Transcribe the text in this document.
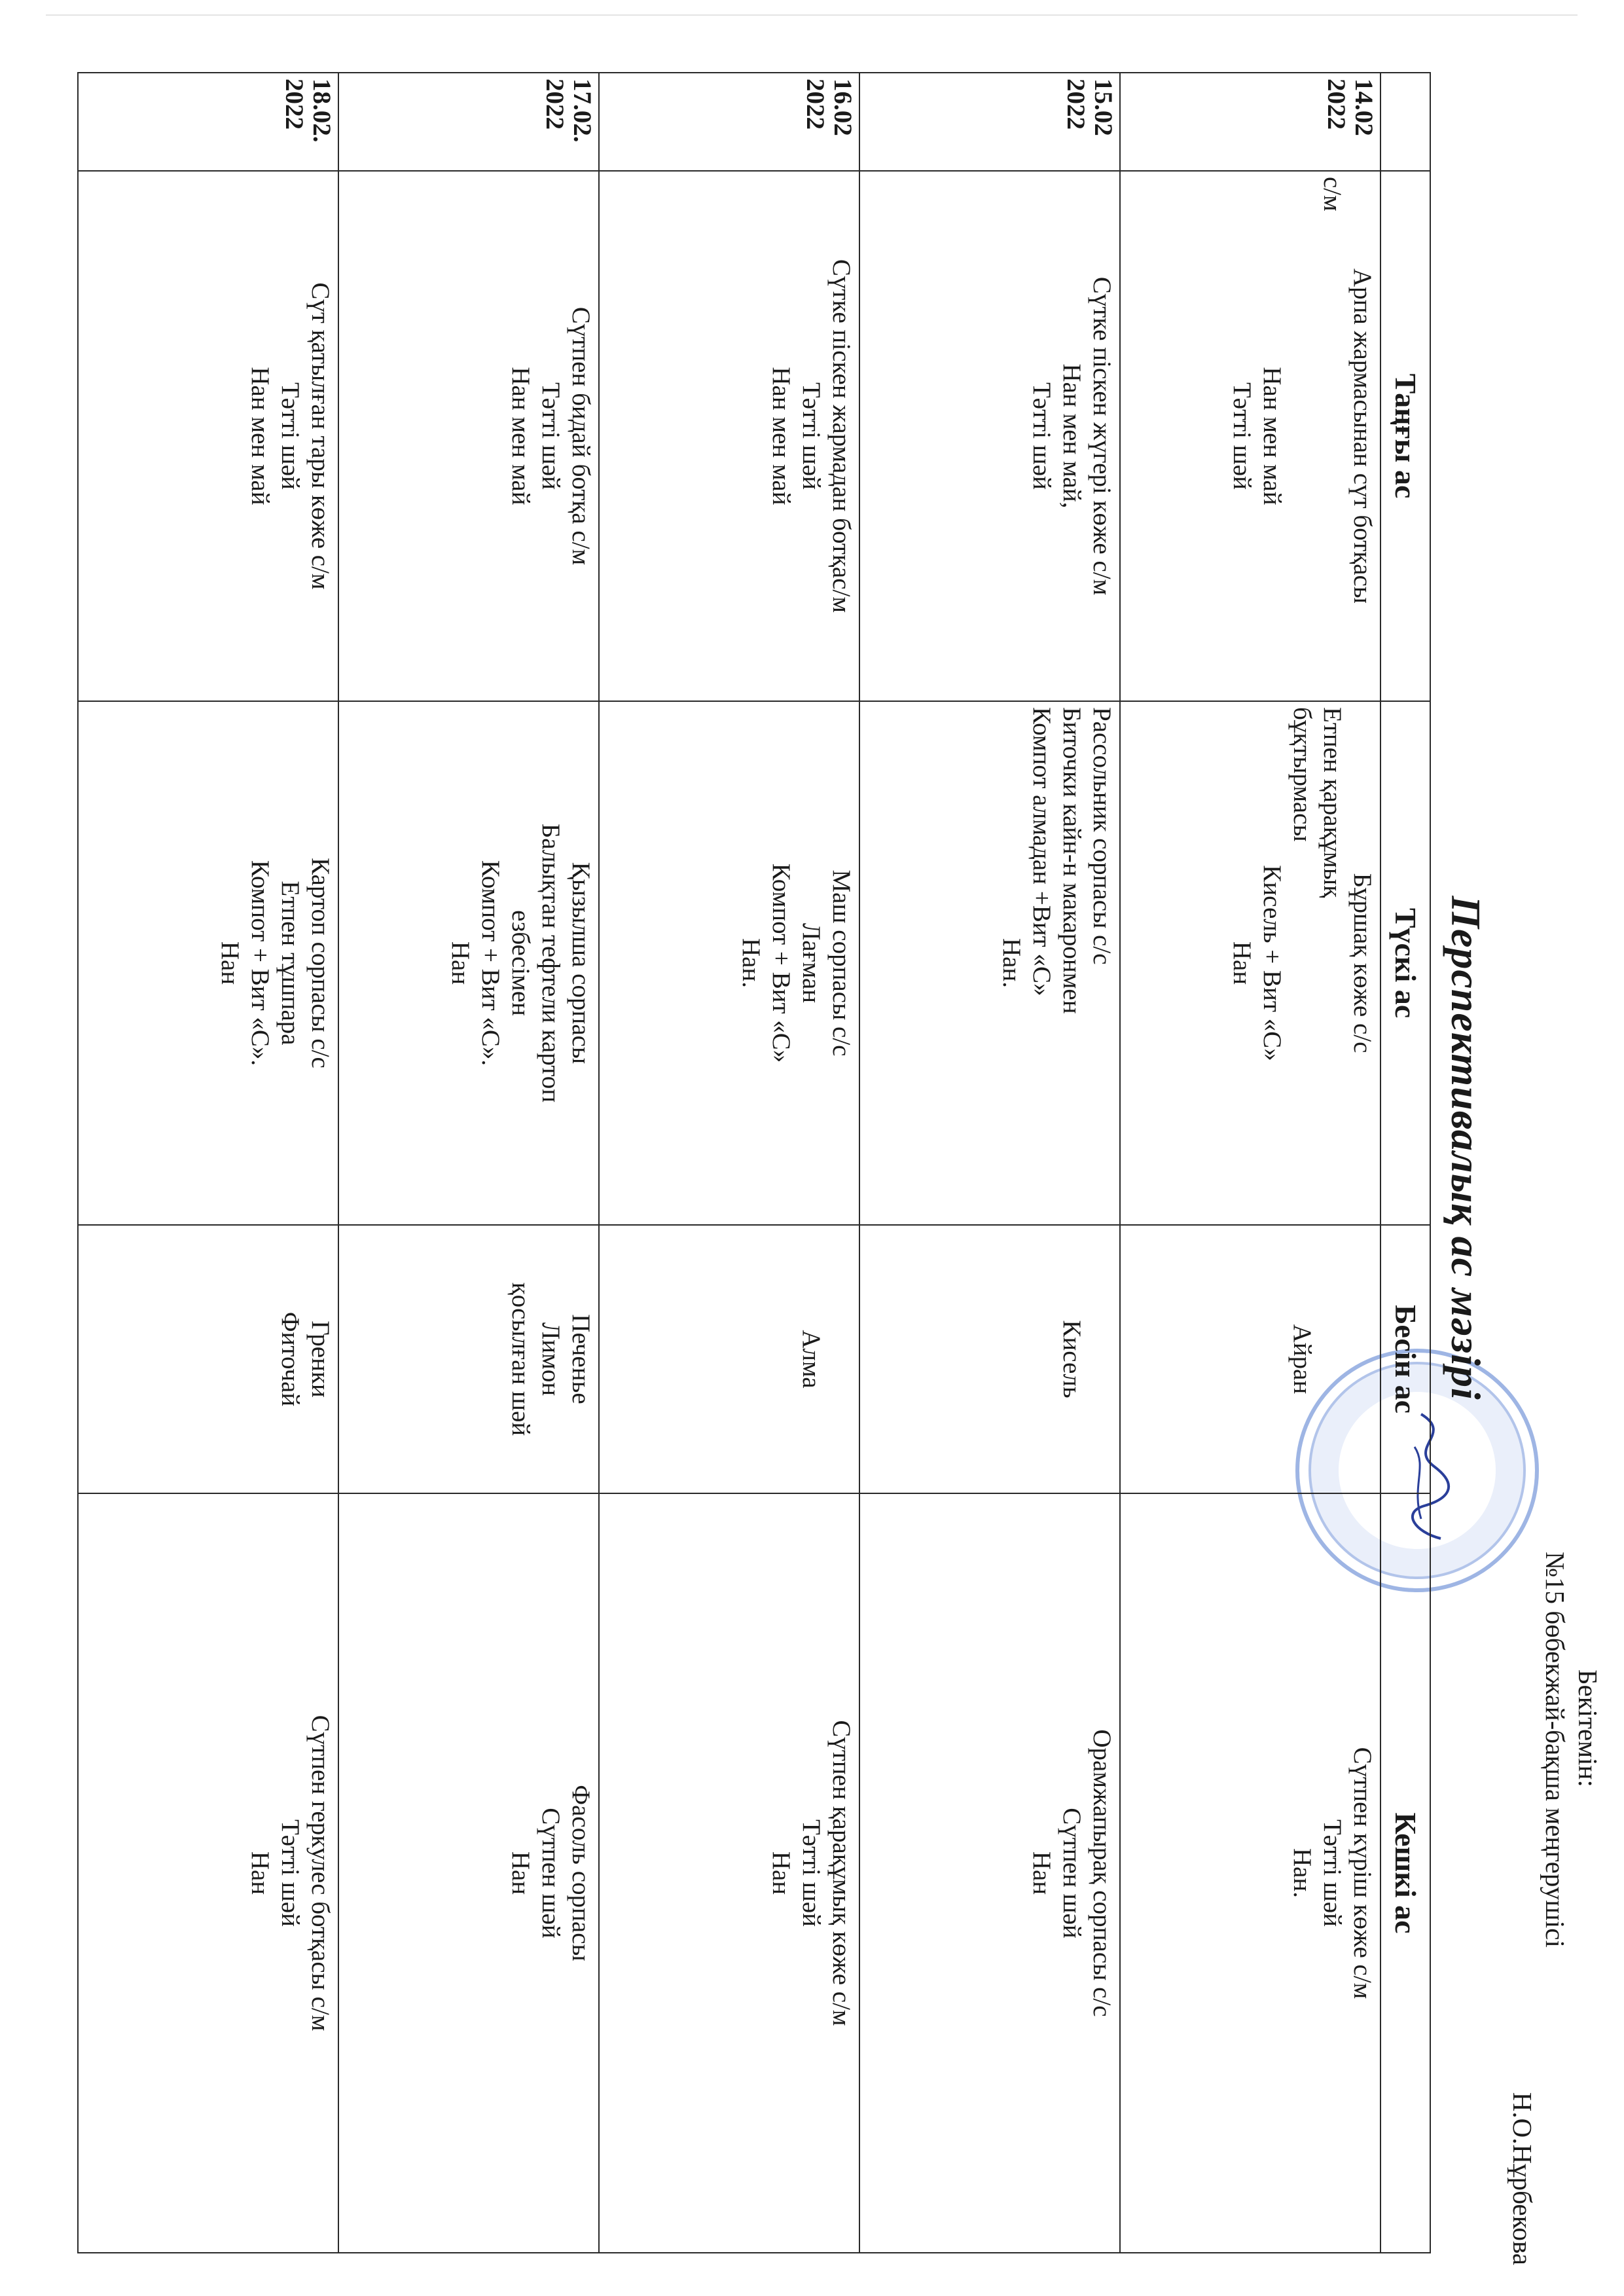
Бекітемін:
№15 бөбекжай-бақша меңгерушісі
Н.О.Нұрбекова
Перспективалық ас мәзірі
	Таңғы ас	Түскі ас	Бесін ас	Кешкі ас

14.02
2022	Арпа жармасынан сүт ботқасы
с/м

Нан мен май
Тәтті шәй	Бұршақ көже с/с
Етпен қарақұмық
бұқтырмасы
Кисель + Вит «С»
Нан	Айран	Сүтпен күріш көже с/м
Тәтті шәй
Нан.

15.02
2022	Сүтке піскен жүгері көже с/м
Нан мен май,
Тәтті шәй	Рассольник сорпасы с/с
Биточки кайн-н макаронмен
Компот алмадан +Вит «С»
Нан.	Кисель	Орамжапырақ сорпасы с/с
Сүтпен шәй
Нан

16.02
2022	Сүтке піскен жармадан ботқас/м
Тәтті шәй
Нан мен май	Маш сорпасы с/с
Лағман
Компот + Вит «С»
Нан.	Алма	Сүтпен қарақұмық көже с/м
Тәтті шәй
Нан

17.02.
2022	Сүтпен бидай ботқа с/м
Тәтті шәй
Нан мен май	Қызылша сорпасы
Балықтан тефтели картоп
езбесімен
Компот + Вит «С».
Нан	Печенье
Лимон
қосылған шәй	Фасоль сорпасы
Сүтпен шәй
Нан

18.02.
2022	Сүт қатылған тары көже с/м
Тәтті шәй
Нан мен май	Картоп сорпасы с/с
Етпен тұшпара
Компот + Вит «С».
Нан	Гренки
Фиточай	Сүтпен геркулес ботқасы с/м
Тәтті шәй
Нан
